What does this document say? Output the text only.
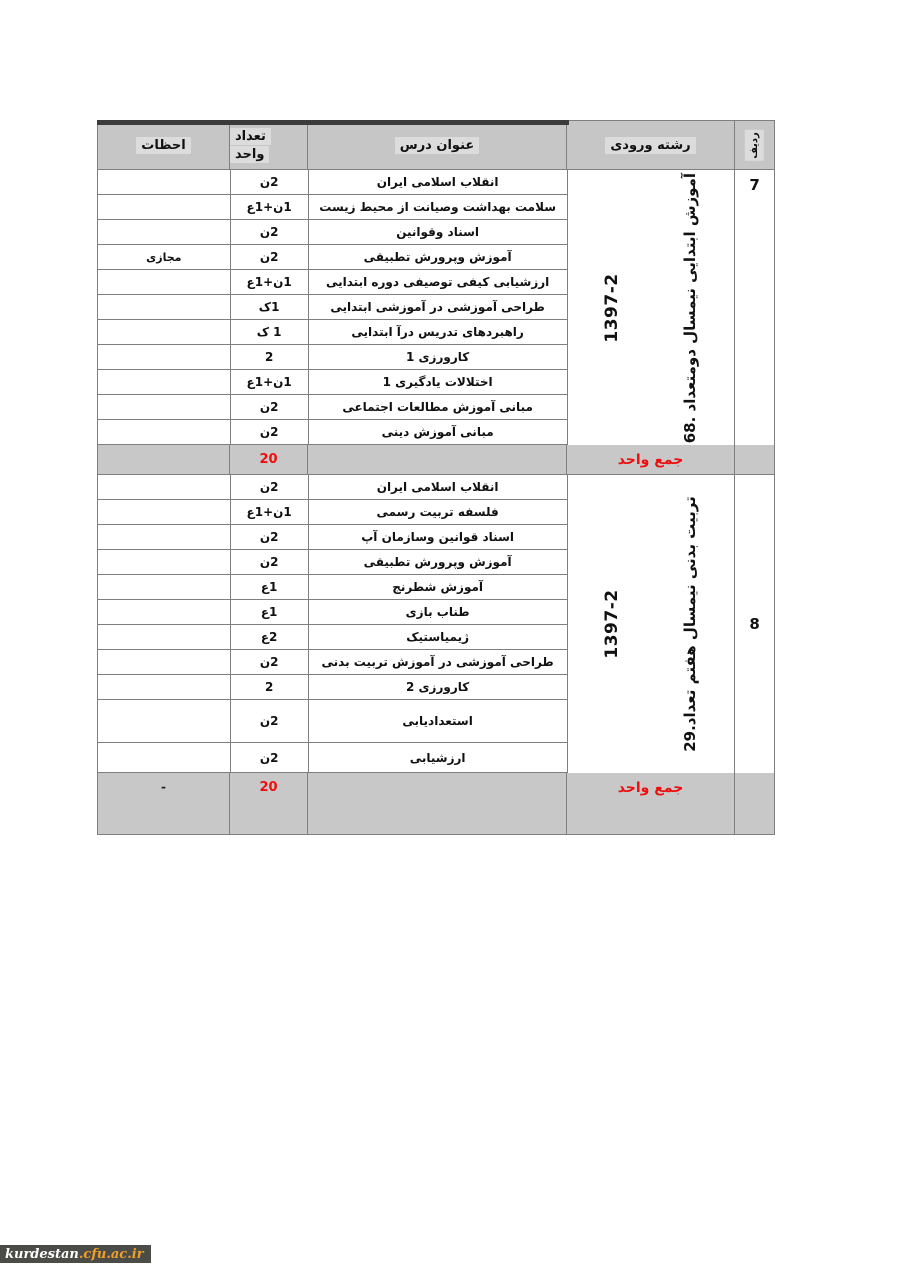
ردیف
رشته ورودی
عنوان درس
تعداد
واحد
احظات
7
1397-2
آموزش ابتدایی نیمسال دومتعداد .68
انقلاب اسلامی ایران
2ن
سلامت بهداشت وصیانت از محیط زیست
1ن+1ع
اسناد وقوانین
2ن
آموزش وپرورش تطبیقی
2ن
مجازی
ارزشیابی کیفی توصیفی دوره ابتدایی
1ن+1ع
طراحی آموزشی در آموزشی ابتدایی
1ک
راهبردهای تدریس درآ ابتدایی
1 ک
کارورزی 1
2
اختلالات یادگیری 1
1ن+1ع
مبانی آموزش مطالعات اجتماعی
2ن
مبانی آموزش دینی
2ن
جمع واحد
20
8
1397-2
تربیت بدنی نیمسال هفتم تعداد.29
انقلاب اسلامی ایران
2ن
فلسفه تربیت رسمی
1ن+1ع
اسناد قوانین وسازمان آپ
2ن
آموزش وپرورش تطبیقی
2ن
آموزش شطرنج
1ع
طناب بازی
1ع
ژیمیاستیک
2ع
طراحی آموزشی در آموزش تربیت بدنی
2ن
کارورزی 2
2
استعدادیابی
2ن
ارزشیابی
2ن
جمع واحد
20
-
kurdestan .cfu.ac.ir
